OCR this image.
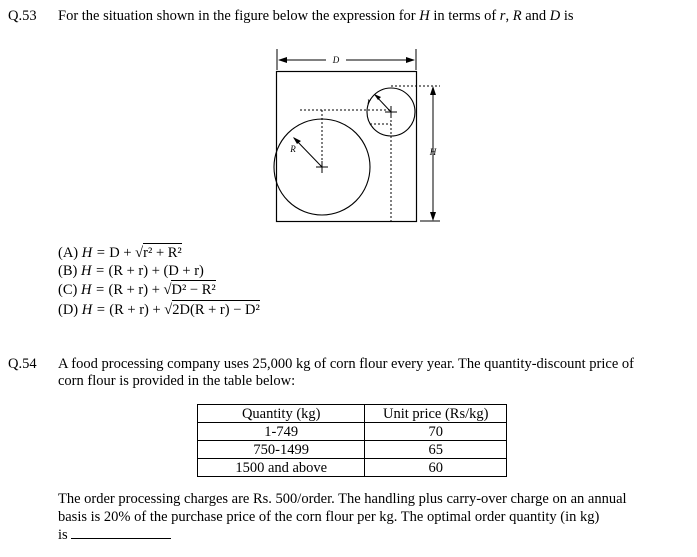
Q.53 For the situation shown in the figure below the expression for H in terms of r, R and D is
D
R
r
H
(A) H = D + √r² + R²
(B) H = (R + r) + (D + r)
(C) H = (R + r) + √D² − R²
(D) H = (R + r) + √2D(R + r) − D²
Q.54 A food processing company uses 25,000 kg of corn flour every year. The quantity-discount price of
corn flour is provided in the table below:
Quantity (kg)	Unit price (Rs/kg)
1-749	70
750-1499	65
1500 and above	60
The order processing charges are Rs. 500/order. The handling plus carry-over charge on an annual
basis is 20% of the purchase price of the corn flour per kg. The optimal order quantity (in kg)
is
